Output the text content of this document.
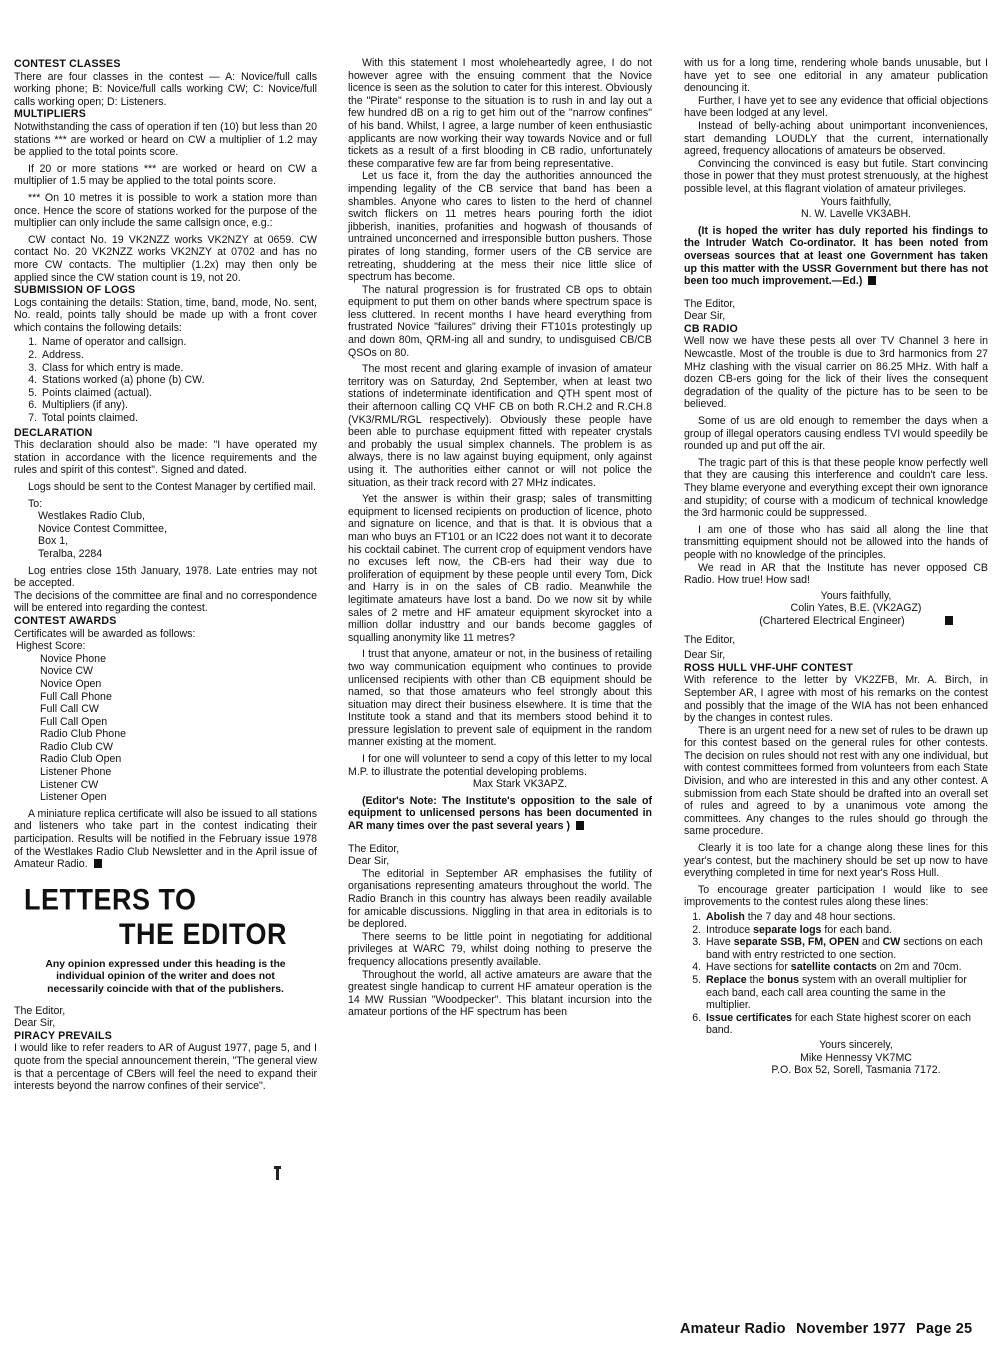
CONTEST CLASSES

There are four classes in the contest — A: Novice/full calls working phone; B: Novice/full calls working CW; C: Novice/full calls working open; D: Listeners.

MULTIPLIERS

Notwithstanding the cass of operation if ten (10) but less than 20 stations *** are worked or heard on CW a multiplier of 1.2 may be applied to the total points score.

If 20 or more stations *** are worked or heard on CW a multiplier of 1.5 may be applied to the total points score.

*** On 10 metres it is possible to work a station more than once. Hence the score of stations worked for the purpose of the multiplier can only include the same callsign once, e.g.:

CW contact No. 19 VK2NZZ works VK2NZY at 0659. CW contact No. 20 VK2NZZ works VK2NZY at 0702 and has no more CW contacts. The multiplier (1.2x) may then only be applied since the CW station count is 19, not 20.

SUBMISSION OF LOGS

Logs containing the details: Station, time, band, mode, No. sent, No. reald, points tally should be made up with a front cover which contains the following details:

1. Name of operator and callsign.
2. Address.
3. Class for which entry is made.
4. Stations worked (a) phone (b) CW.
5. Points claimed (actual).
6. Multipliers (if any).
7. Total points claimed.

DECLARATION

This declaration should also be made: "I have operated my station in accordance with the licence requirements and the rules and spirit of this contest". Signed and dated.

Logs should be sent to the Contest Manager by certified mail.

To:

Westlakes Radio Club,
Novice Contest Committee,
Box 1,
Teralba, 2284

Log entries close 15th January, 1978. Late entries may not be accepted.

The decisions of the committee are final and no correspondence will be entered into regarding the contest.

CONTEST AWARDS

Certificates will be awarded as follows:

Highest Score:

Novice Phone
Novice CW
Novice Open
Full Call Phone
Full Call CW
Full Call Open
Radio Club Phone
Radio Club CW
Radio Club Open
Listener Phone
Listener CW
Listener Open

A miniature replica certificate will also be issued to all stations and listeners who take part in the contest indicating their participation. Results will be notified in the February issue 1978 of the Westlakes Radio Club Newsletter and in the April issue of Amateur Radio.

LETTERS TO
THE EDITOR

Any opinion expressed under this heading is the individual opinion of the writer and does not necessarily coincide with that of the publishers.

The Editor,

Dear Sir,

PIRACY PREVAILS

I would like to refer readers to AR of August 1977, page 5, and I quote from the special announcement therein, "The general view is that a percentage of CBers will feel the need to expand their interests beyond the narrow confines of their service".

With this statement I most wholeheartedly agree, I do not however agree with the ensuing comment that the Novice licence is seen as the solution to cater for this interest. Obviously the "Pirate" response to the situation is to rush in and lay out a few hundred dB on a rig to get him out of the "narrow confines" of his band. Whilst, I agree, a large number of keen enthusiastic applicants are now working their way towards Novice and or full tickets as a result of a first blooding in CB radio, unfortunately these comparative few are far from being representative.

Let us face it, from the day the authorities announced the impending legality of the CB service that band has been a shambles. Anyone who cares to listen to the herd of channel switch flickers on 11 metres hears pouring forth the idiot jibberish, inanities, profanities and hogwash of thousands of untrained unconcerned and irresponsible button pushers. Those pirates of long standing, former users of the CB service are retreating, shuddering at the mess their nice little slice of spectrum has become.

The natural progression is for frustrated CB ops to obtain equipment to put them on other bands where spectrum space is less cluttered. In recent months I have heard everything from frustrated Novice "failures" driving their FT101s protestingly up and down 80m, QRM-ing all and sundry, to undisguised CB/CB QSOs on 80.

The most recent and glaring example of invasion of amateur territory was on Saturday, 2nd September, when at least two stations of indeterminate identification and QTH spent most of their afternoon calling CQ VHF CB on both R.CH.2 and R.CH.8 (VK3/RML/RGL respectively). Obviously these people have been able to purchase equipment fitted with repeater crystals and probably the usual simplex channels. The problem is as always, there is no law against buying equipment, only against using it. The authorities either cannot or will not police the situation, as their track record with 27 MHz indicates.

Yet the answer is within their grasp; sales of transmitting equipment to licensed recipients on production of licence, photo and signature on licence, and that is that. It is obvious that a man who buys an FT101 or an IC22 does not want it to decorate his cocktail cabinet. The current crop of equipment vendors have no excuses left now, the CB-ers had their way due to proliferation of equipment by these people until every Tom, Dick and Harry is in on the sales of CB radio. Meanwhile the legitimate amateurs have lost a band. Do we now sit by while sales of 2 metre and HF amateur equipment skyrocket into a million dollar industtry and our bands become gaggles of squalling anonymity like 11 metres?

I trust that anyone, amateur or not, in the business of retailing two way communication equipment who continues to provide unlicensed recipients with other than CB equipment should be named, so that those amateurs who feel strongly about this situation may direct their business elsewhere. It is time that the Institute took a stand and that its members stood behind it to pressure legislation to prevent sale of equipment in the random manner existing at the moment.

I for one will volunteer to send a copy of this letter to my local M.P. to illustrate the potential developing problems.

Max Stark VK3APZ.

(Editor's Note: The Institute's opposition to the sale of equipment to unlicensed persons has been documented in AR many times over the past several years )

The Editor,

Dear Sir,

The editorial in September AR emphasises the futility of organisations representing amateurs throughout the world. The Radio Branch in this country has always been readily available for amicable discussions. Niggling in that area in editorials is to be deplored.

There seems to be little point in negotiating for additional privileges at WARC 79, whilst doing nothing to preserve the frequency allocations presently available.

Throughout the world, all active amateurs are aware that the greatest single handicap to current HF amateur operation is the 14 MW Russian "Woodpecker". This blatant incursion into the amateur portions of the HF spectrum has been

with us for a long time, rendering whole bands unusable, but I have yet to see one editorial in any amateur publication denouncing it.

Further, I have yet to see any evidence that official objections have been lodged at any level.

Instead of belly-aching about unimportant inconveniences, start demanding LOUDLY that the current, internationally agreed, frequency allocations of amateurs be observed.

Convincing the convinced is easy but futile. Start convincing those in power that they must protest strenuously, at the highest possible level, at this flagrant violation of amateur privileges.

Yours faithfully,

N. W. Lavelle VK3ABH.

(It is hoped the writer has duly reported his findings to the Intruder Watch Co-ordinator. It has been noted from overseas sources that at least one Government has taken up this matter with the USSR Government but there has not been too much improvement.—Ed.)

The Editor,

Dear Sir,

CB RADIO

Well now we have these pests all over TV Channel 3 here in Newcastle. Most of the trouble is due to 3rd harmonics from 27 MHz clashing with the visual carrier on 86.25 MHz. With half a dozen CB-ers going for the lick of their lives the consequent degradation of the quality of the picture has to be seen to be believed.

Some of us are old enough to remember the days when a group of illegal operators causing endless TVI would speedily be rounded up and put off the air.

The tragic part of this is that these people know perfectly well that they are causing this interference and couldn't care less. They blame everyone and everything except their own ignorance and stupidity; of course with a modicum of technical knowledge the 3rd harmonic could be suppressed.

I am one of those who has said all along the line that transmitting equipment should not be allowed into the hands of people with no knowledge of the principles.

We read in AR that the Institute has never opposed CB Radio. How true! How sad!

Yours faithfully,

Colin Yates, B.E. (VK2AGZ)

(Chartered Electrical Engineer)

The Editor,

Dear Sir,

ROSS HULL VHF-UHF CONTEST

With reference to the letter by VK2ZFB, Mr. A. Birch, in September AR, I agree with most of his remarks on the contest and possibly that the image of the WIA has not been enhanced by the changes in contest rules.

There is an urgent need for a new set of rules to be drawn up for this contest based on the general rules for other contests. The decision on rules should not rest with any one individual, but with contest committees formed from volunteers from each State Division, and who are interested in this and any other contest. A submission from each State should be drafted into an overall set of rules and agreed to by a unanimous vote among the committees. Any changes to the rules should go through the same procedure.

Clearly it is too late for a change along these lines for this year's contest, but the machinery should be set up now to have everything completed in time for next year's Ross Hull.

To encourage greater participation I would like to see improvements to the contest rules along these lines:

1. Abolish the 7 day and 48 hour sections.
2. Introduce separate logs for each band.
3. Have separate SSB, FM, OPEN and CW sections on each band with entry restricted to one section.
4. Have sections for satellite contacts on 2m and 70cm.
5. Replace the bonus system with an overall multiplier for each band, each call area counting the same in the multiplier.
6. Issue certificates for each State highest scorer on each band.

Yours sincerely,

Mike Hennessy VK7MC

P.O. Box 52, Sorell, Tasmania 7172.

Amateur Radio November 1977 Page 25
